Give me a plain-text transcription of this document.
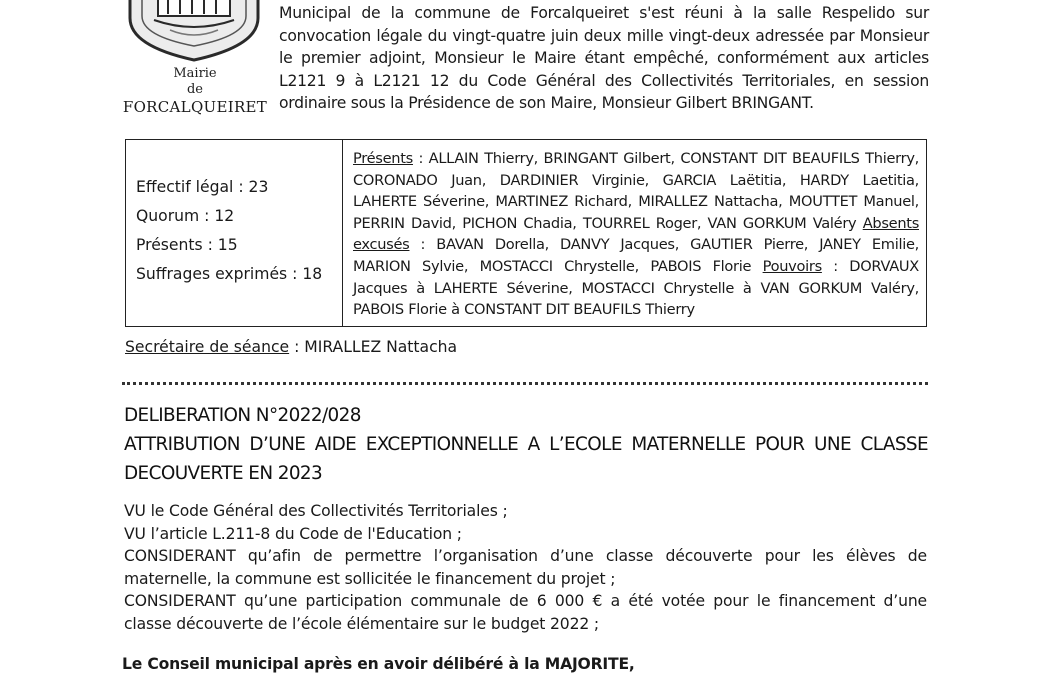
Mairie
de
FORCALQUEIRET
Municipal de la commune de Forcalqueiret s'est réuni à la salle Respelido sur convocation légale du vingt-quatre juin deux mille vingt-deux adressée par Monsieur le premier adjoint, Monsieur le Maire étant empêché, conformément aux articles L2121 9 à L2121 12 du Code Général des Collectivités Territoriales, en session ordinaire sous la Présidence de son Maire, Monsieur Gilbert BRINGANT.
Effectif légal : 23
Quorum : 12
Présents : 15
Suffrages exprimés : 18
Présents : ALLAIN Thierry, BRINGANT Gilbert, CONSTANT DIT BEAUFILS Thierry, CORONADO Juan, DARDINIER Virginie, GARCIA Laëtitia, HARDY Laetitia, LAHERTE Séverine, MARTINEZ Richard, MIRALLEZ Nattacha, MOUTTET Manuel, PERRIN David, PICHON Chadia, TOURREL Roger, VAN GORKUM Valéry Absents excusés : BAVAN Dorella, DANVY Jacques, GAUTIER Pierre, JANEY Emilie, MARION Sylvie, MOSTACCI Chrystelle, PABOIS Florie Pouvoirs : DORVAUX Jacques à LAHERTE Séverine, MOSTACCI Chrystelle à VAN GORKUM Valéry, PABOIS Florie à CONSTANT DIT BEAUFILS Thierry
Secrétaire de séance : MIRALLEZ Nattacha
DELIBERATION N°2022/028
ATTRIBUTION D’UNE AIDE EXCEPTIONNELLE A L’ECOLE MATERNELLE POUR UNE CLASSE DECOUVERTE EN 2023

VU le Code Général des Collectivités Territoriales ;

VU l’article L.211-8 du Code de l'Education ;

CONSIDERANT qu’afin de permettre l’organisation d’une classe découverte pour les élèves de maternelle, la commune est sollicitée le financement du projet ;

CONSIDERANT qu’une participation communale de 6 000 € a été votée pour le financement d’une classe découverte de l’école élémentaire sur le budget 2022 ;

Le Conseil municipal après en avoir délibéré à la MAJORITE,
